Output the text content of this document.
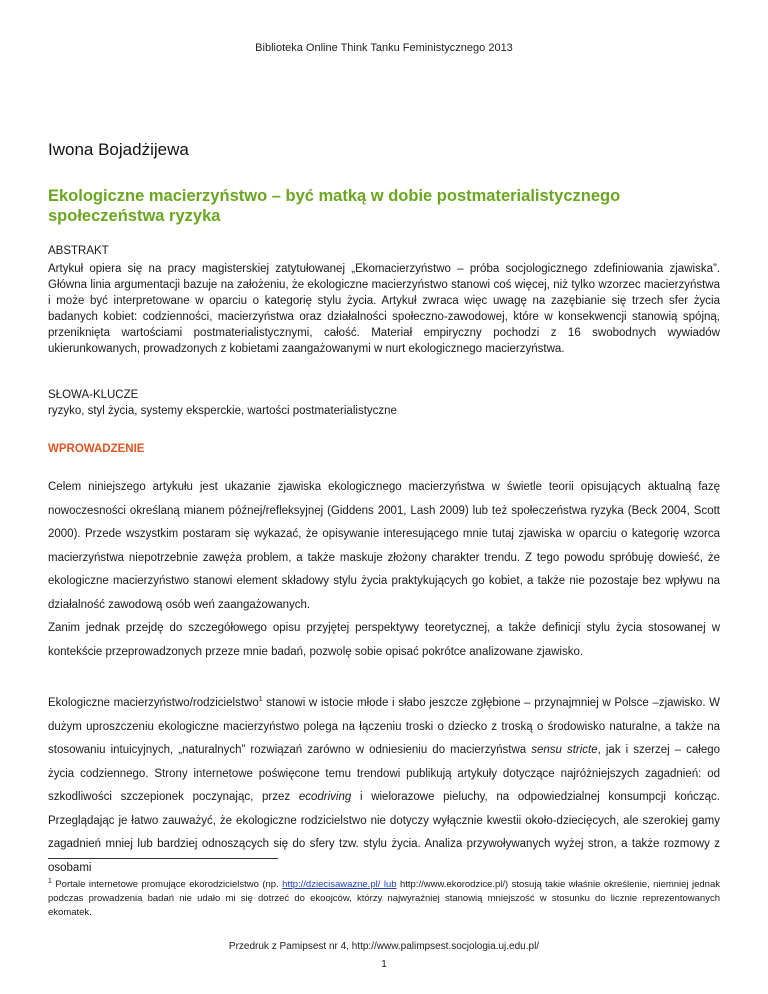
Biblioteka Online Think Tanku Feministycznego 2013
Iwona Bojadżijewa
Ekologiczne macierzyństwo – być matką w dobie postmaterialistycznego
społeczeństwa ryzyka
ABSTRAKT
Artykuł opiera się na pracy magisterskiej zatytułowanej „Ekomacierzyństwo – próba socjologicznego zdefiniowania zjawiska”. Główna linia argumentacji bazuje na założeniu, że ekologiczne macierzyństwo stanowi coś więcej, niż tylko wzorzec macierzyństwa i może być interpretowane w oparciu o kategorię stylu życia. Artykuł zwraca więc uwagę na zazębianie się trzech sfer życia badanych kobiet: codzienności, macierzyństwa oraz działalności społeczno-zawodowej, które w konsekwencji stanowią spójną, przeniknięta wartościami postmaterialistycznymi, całość. Materiał empiryczny pochodzi z 16 swobodnych wywiadów ukierunkowanych, prowadzonych z kobietami zaangażowanymi w nurt ekologicznego macierzyństwa.
SŁOWA-KLUCZE
ryzyko, styl życia, systemy eksperckie, wartości postmaterialistyczne
WPROWADZENIE

Celem niniejszego artykułu jest ukazanie zjawiska ekologicznego macierzyństwa w świetle teorii opisujących aktualną fazę nowoczesności określaną mianem późnej/refleksyjnej (Giddens 2001, Lash 2009) lub też społeczeństwa ryzyka (Beck 2004, Scott 2000). Przede wszystkim postaram się wykazać, że opisywanie interesującego mnie tutaj zjawiska w oparciu o kategorię wzorca macierzyństwa niepotrzebnie zawęża problem, a także maskuje złożony charakter trendu. Z tego powodu spróbuję dowieść, że ekologiczne macierzyństwo stanowi element składowy stylu życia praktykujących go kobiet, a także nie pozostaje bez wpływu na działalność zawodową osób weń zaangażowanych.

Zanim jednak przejdę do szczegółowego opisu przyjętej perspektywy teoretycznej, a także definicji stylu życia stosowanej w kontekście przeprowadzonych przeze mnie badań, pozwolę sobie opisać pokrótce analizowane zjawisko.

Ekologiczne macierzyństwo/rodzicielstwo$^1$ stanowi w istocie młode i słabo jeszcze zgłębione – przynajmniej w Polsce –zjawisko. W dużym uproszczeniu ekologiczne macierzyństwo polega na łączeniu troski o dziecko z troską o środowisko naturalne, a także na stosowaniu intuicyjnych, „naturalnych” rozwiązań zarówno w odniesieniu do macierzyństwa sensu stricte, jak i szerzej – całego życia codziennego. Strony internetowe poświęcone temu trendowi publikują artykuły dotyczące najróżniejszych zagadnień: od szkodliwości szczepionek poczynając, przez ecodriving i wielorazowe pieluchy, na odpowiedzialnej konsumpcji kończąc. Przeglądając je łatwo zauważyć, że ekologiczne rodzicielstwo nie dotyczy wyłącznie kwestii około-dziecięcych, ale szerokiej gamy zagadnień mniej lub bardziej odnoszących się do sfery tzw. stylu życia. Analiza przywoływanych wyżej stron, a także rozmowy z osobami
$^1$ Portale internetowe promujące ekorodzicielstwo (np. http://dziecisawazne.pl/ lub http://www.ekorodzice.pl/) stosują takie właśnie określenie, niemniej jednak podczas prowadzenia badań nie udało mi się dotrzeć do ekoojców, którzy najwyraźniej stanowią mniejszość w stosunku do licznie reprezentowanych ekomatek.
Przedruk z Pamipsest nr 4, http://www.palimpsest.socjologia.uj.edu.pl/
1
